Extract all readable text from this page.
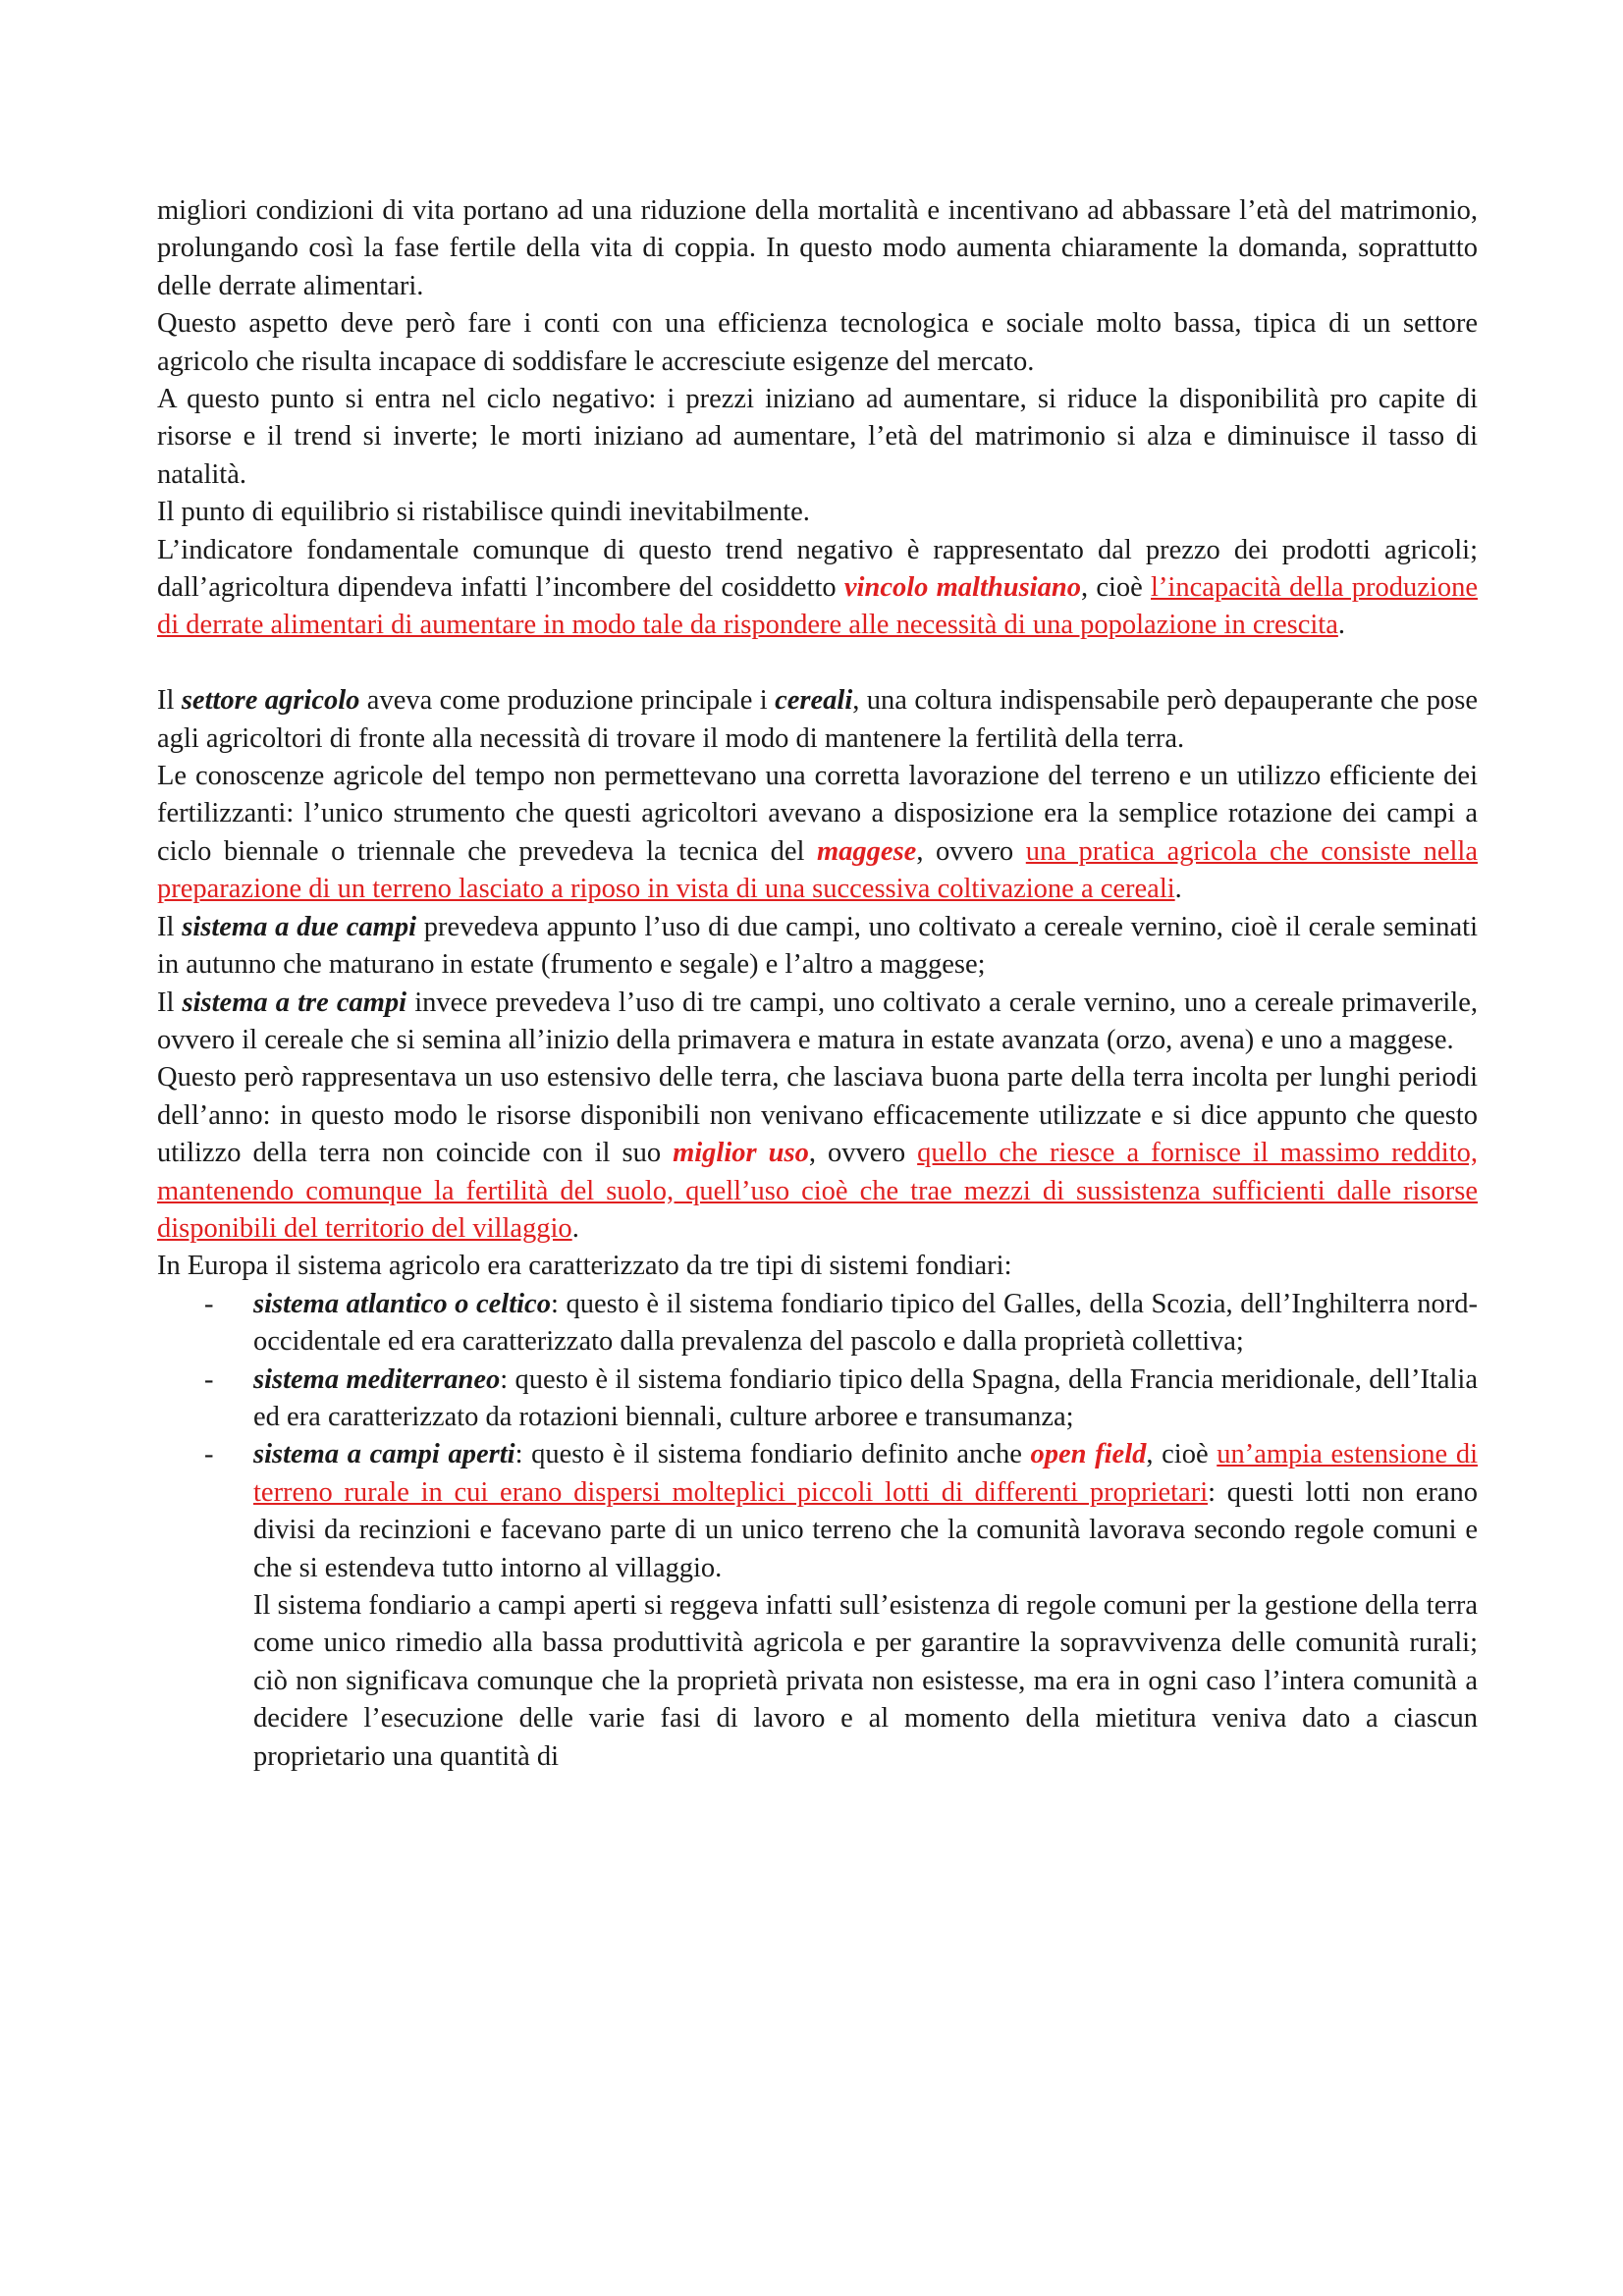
migliori condizioni di vita portano ad una riduzione della mortalità e incentivano ad abbassare l’età del matrimonio, prolungando così la fase fertile della vita di coppia. In questo modo aumenta chiaramente la domanda, soprattutto delle derrate alimentari.

Questo aspetto deve però fare i conti con una efficienza tecnologica e sociale molto bassa, tipica di un settore agricolo che risulta incapace di soddisfare le accresciute esigenze del mercato.

A questo punto si entra nel ciclo negativo: i prezzi iniziano ad aumentare, si riduce la disponibilità pro capite di risorse e il trend si inverte; le morti iniziano ad aumentare, l’età del matrimonio si alza e diminuisce il tasso di natalità.

Il punto di equilibrio si ristabilisce quindi inevitabilmente.

L’indicatore fondamentale comunque di questo trend negativo è rappresentato dal prezzo dei prodotti agricoli; dall’agricoltura dipendeva infatti l’incombere del cosiddetto vincolo malthusiano, cioè l’incapacità della produzione di derrate alimentari di aumentare in modo tale da rispondere alle necessità di una popolazione in crescita.

Il settore agricolo aveva come produzione principale i cereali, una coltura indispensabile però depauperante che pose agli agricoltori di fronte alla necessità di trovare il modo di mantenere la fertilità della terra.

Le conoscenze agricole del tempo non permettevano una corretta lavorazione del terreno e un utilizzo efficiente dei fertilizzanti: l’unico strumento che questi agricoltori avevano a disposizione era la semplice rotazione dei campi a ciclo biennale o triennale che prevedeva la tecnica del maggese, ovvero una pratica agricola che consiste nella preparazione di un terreno lasciato a riposo in vista di una successiva coltivazione a cereali.

Il sistema a due campi prevedeva appunto l’uso di due campi, uno coltivato a cereale vernino, cioè il cerale seminati in autunno che maturano in estate (frumento e segale) e l’altro a maggese;

Il sistema a tre campi invece prevedeva l’uso di tre campi, uno coltivato a cerale vernino, uno a cereale primaverile, ovvero il cereale che si semina all’inizio della primavera e matura in estate avanzata (orzo, avena) e uno a maggese.

Questo però rappresentava un uso estensivo delle terra, che lasciava buona parte della terra incolta per lunghi periodi dell’anno: in questo modo le risorse disponibili non venivano efficacemente utilizzate e si dice appunto che questo utilizzo della terra non coincide con il suo miglior uso, ovvero quello che riesce a fornisce il massimo reddito, mantenendo comunque la fertilità del suolo, quell’uso cioè che trae mezzi di sussistenza sufficienti dalle risorse disponibili del territorio del villaggio.

In Europa il sistema agricolo era caratterizzato da tre tipi di sistemi fondiari:

- sistema atlantico o celtico: questo è il sistema fondiario tipico del Galles, della Scozia, dell’Inghilterra nord-occidentale ed era caratterizzato dalla prevalenza del pascolo e dalla proprietà collettiva;
- sistema mediterraneo: questo è il sistema fondiario tipico della Spagna, della Francia meridionale, dell’Italia ed era caratterizzato da rotazioni biennali, culture arboree e transumanza;
- sistema a campi aperti: questo è il sistema fondiario definito anche open field, cioè un’ampia estensione di terreno rurale in cui erano dispersi molteplici piccoli lotti di differenti proprietari: questi lotti non erano divisi da recinzioni e facevano parte di un unico terreno che la comunità lavorava secondo regole comuni e che si estendeva tutto intorno al villaggio.

Il sistema fondiario a campi aperti si reggeva infatti sull’esistenza di regole comuni per la gestione della terra come unico rimedio alla bassa produttività agricola e per garantire la sopravvivenza delle comunità rurali; ciò non significava comunque che la proprietà privata non esistesse, ma era in ogni caso l’intera comunità a decidere l’esecuzione delle varie fasi di lavoro e al momento della mietitura veniva dato a ciascun proprietario una quantità di
